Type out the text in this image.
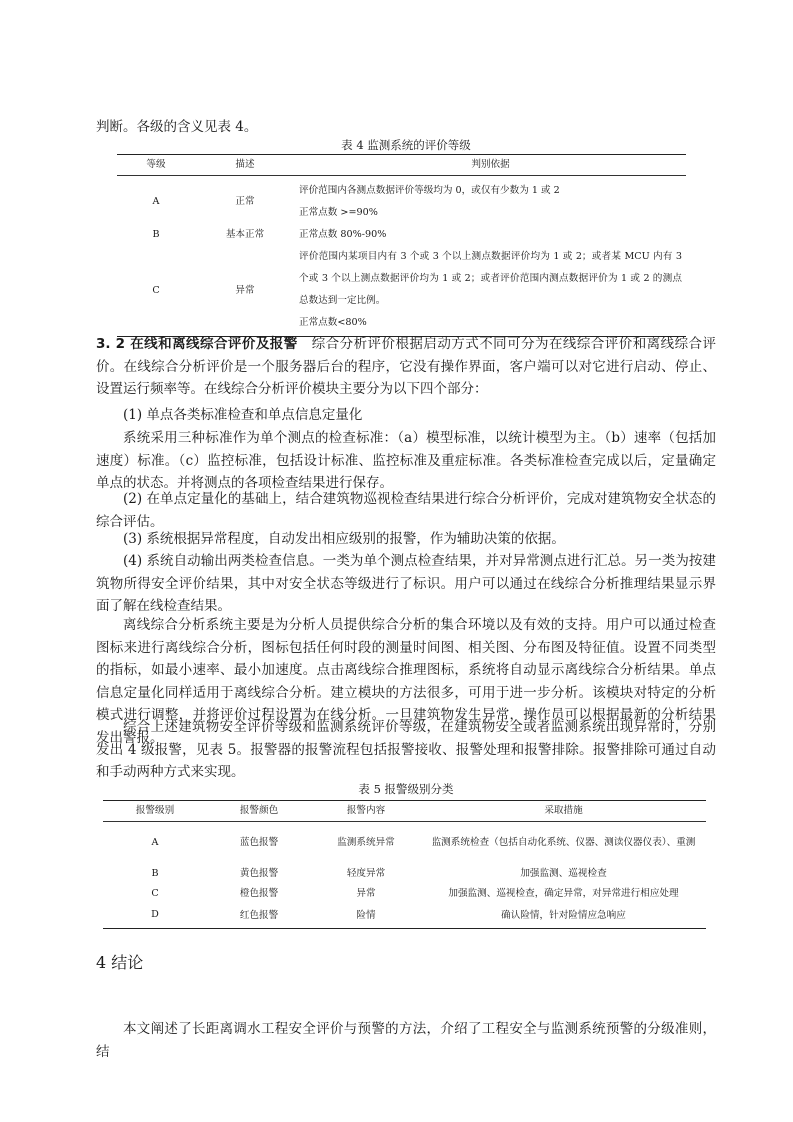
判断。各级的含义见表 4。

表 4 监测系统的评价等级

等级	描述	判别依据
A	正常	评价范围内各测点数据评价等级均为 0，或仅有少数为 1 或 2
正常点数 >=90%

B	基本正常	正常点数 80%-90%

C	异常	评价范围内某项目内有 3 个或 3 个以上测点数据评价均为 1 或 2；或者某 MCU 内有 3 个或 3 个以上测点数据评价均为 1 或 2；或者评价范围内测点数据评价为 1 或 2 的测点总数达到一定比例。
正常点数<80%

3. 2 在线和离线综合评价及报警　 综合分析评价根据启动方式不同可分为在线综合评价和离线综合评价。在线综合分析评价是一个服务器后台的程序，它没有操作界面，客户端可以对它进行启动、停止、设置运行频率等。在线综合分析评价模块主要分为以下四个部分：

(1) 单点各类标准检查和单点信息定量化

系统采用三种标准作为单个测点的检查标准：（a）模型标准，以统计模型为主。（b）速率（包括加速度）标准。（c）监控标准，包括设计标准、监控标准及重症标准。各类标准检查完成以后，定量确定单点的状态。并将测点的各项检查结果进行保存。

(2) 在单点定量化的基础上，结合建筑物巡视检查结果进行综合分析评价，完成对建筑物安全状态的综合评估。

(3) 系统根据异常程度，自动发出相应级别的报警，作为辅助决策的依据。

(4) 系统自动输出两类检查信息。一类为单个测点检查结果，并对异常测点进行汇总。另一类为按建筑物所得安全评价结果，其中对安全状态等级进行了标识。用户可以通过在线综合分析推理结果显示界面了解在线检查结果。

离线综合分析系统主要是为分析人员提供综合分析的集合环境以及有效的支持。用户可以通过检查图标来进行离线综合分析，图标包括任何时段的测量时间图、相关图、分布图及特征值。设置不同类型的指标，如最小速率、最小加速度。点击离线综合推理图标，系统将自动显示离线综合分析结果。单点信息定量化同样适用于离线综合分析。建立模块的方法很多，可用于进一步分析。该模块对特定的分析模式进行调整，并将评价过程设置为在线分析。一旦建筑物发生异常，操作员可以根据最新的分析结果发出警报。

综合上述建筑物安全评价等级和监测系统评价等级，在建筑物安全或者监测系统出现异常时，分别发出 4 级报警，见表 5。报警器的报警流程包括报警接收、报警处理和报警排除。报警排除可通过自动和手动两种方式来实现。

表 5 报警级别分类

报警级别	报警颜色	报警内容	采取措施
A	蓝色报警	监测系统异常	监测系统检查（包括自动化系统、仪器、测读仪器仪表）、重测
B	黄色报警	轻度异常	加强监测、巡视检查
C	橙色报警	异常	加强监测、巡视检查，确定异常，对异常进行相应处理
D	红色报警	险情	确认险情，针对险情应急响应
4 结论

本文阐述了长距离调水工程安全评价与预警的方法，介绍了工程安全与监测系统预警的分级准则，结
